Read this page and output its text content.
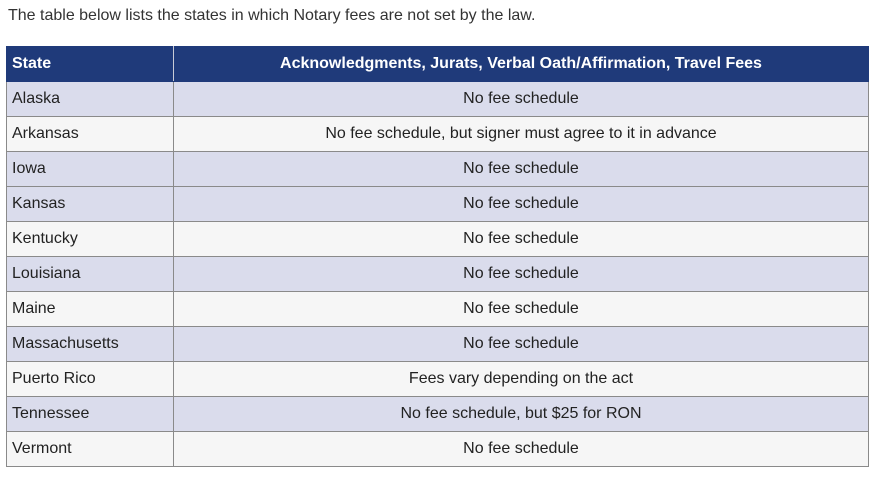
The table below lists the states in which Notary fees are not set by the law.

State	Acknowledgments, Jurats, Verbal Oath/Affirmation, Travel Fees
Alaska	No fee schedule
Arkansas	No fee schedule, but signer must agree to it in advance
Iowa	No fee schedule
Kansas	No fee schedule
Kentucky	No fee schedule
Louisiana	No fee schedule
Maine	No fee schedule
Massachusetts	No fee schedule
Puerto Rico	Fees vary depending on the act
Tennessee	No fee schedule, but $25 for RON
Vermont	No fee schedule
